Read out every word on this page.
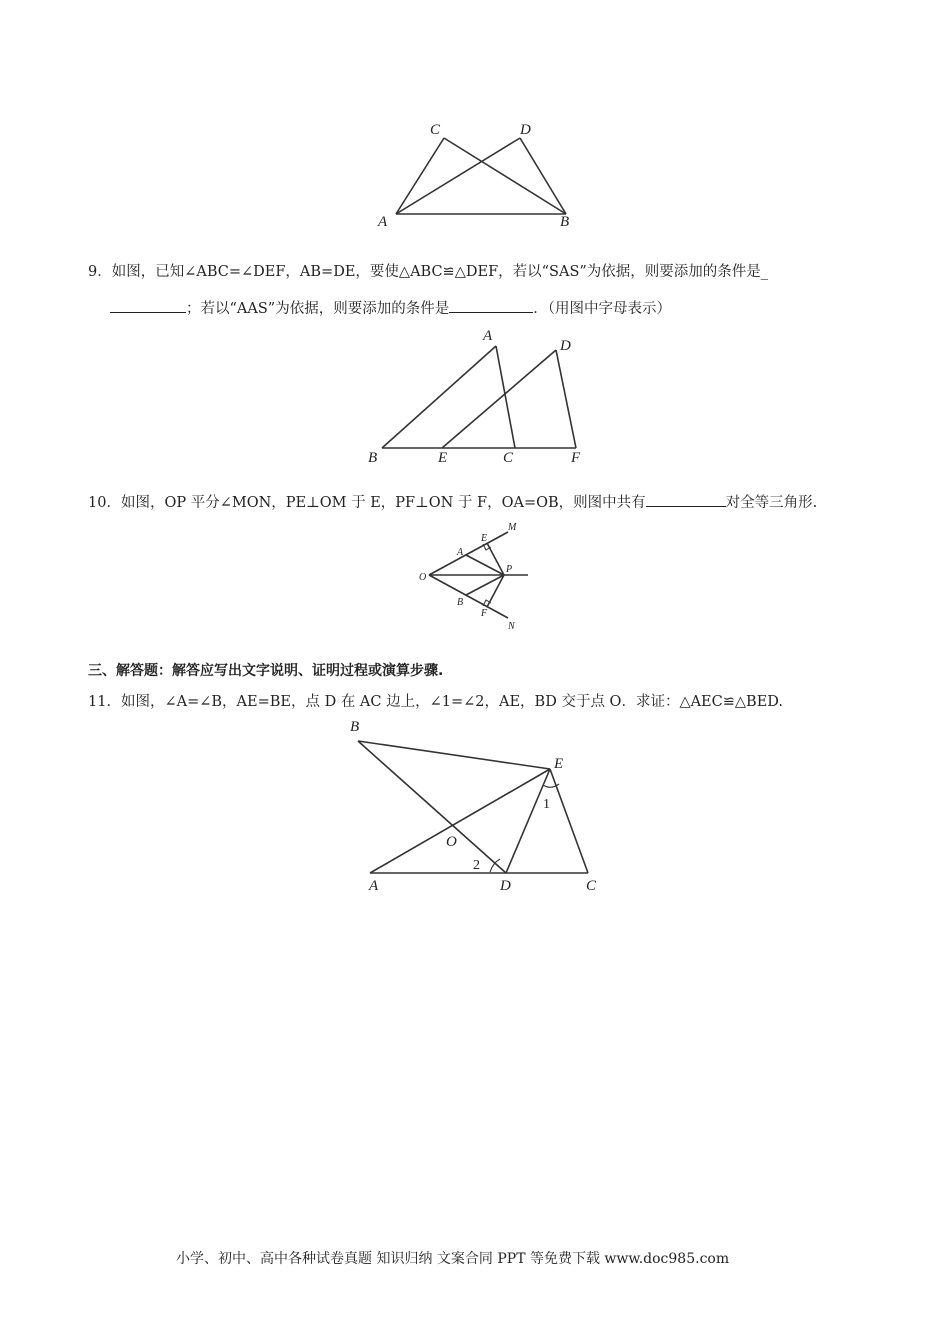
C	D
A	B
9．如图，已知∠ABC=∠DEF，AB=DE，要使△ABC≌△DEF，若以“SAS”为依据，则要添加的条件是_
；若以“AAS”为依据，则要添加的条件是	．（用图中字母表示）
A
D
B	E	C	F
10．如图，OP 平分∠MON，PE⊥OM 于 E，PF⊥ON 于 F，OA=OB，则图中共有	对全等三角形.
O
A
B
E
F
M
N
P
三、解答题：解答应写出文字说明、证明过程或演算步骤.
11．如图，∠A=∠B，AE=BE，点 D 在 AC 边上，∠1=∠2，AE，BD 交于点 O．求证：△AEC≌△BED.
B
E
1
O
2
A	D	C
小学、初中、高中各种试卷真题 知识归纳 文案合同 PPT 等免费下载 www.doc985.com
